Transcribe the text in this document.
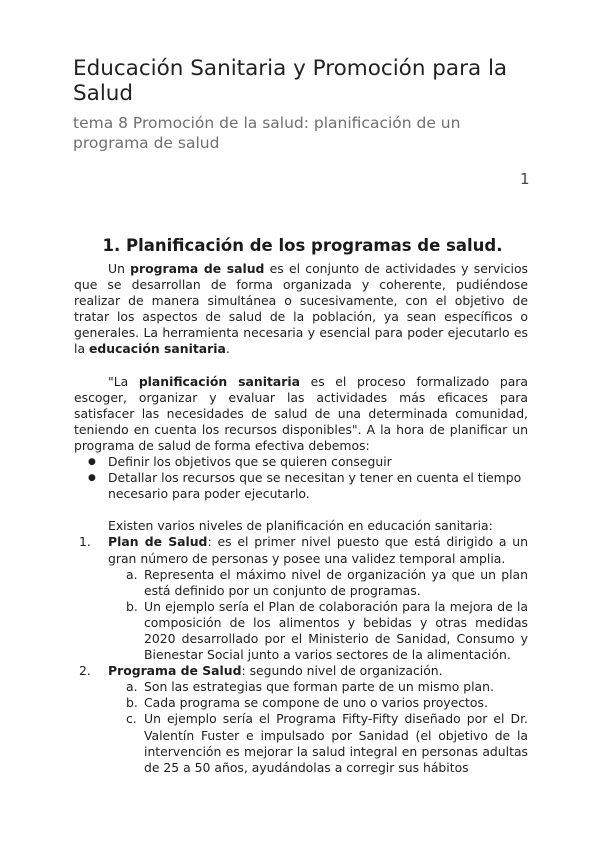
Educación Sanitaria y Promoción para la Salud
tema 8 Promoción de la salud: planificación de un programa de salud
1
1. Planificación de los programas de salud.

Un programa de salud es el conjunto de actividades y servicios que se desarrollan de forma organizada y coherente, pudiéndose realizar de manera simultánea o sucesivamente, con el objetivo de tratar los aspectos de salud de la población, ya sean específicos o generales. La herramienta necesaria y esencial para poder ejecutarlo es la educación sanitaria.

"La planificación sanitaria es el proceso formalizado para escoger, organizar y evaluar las actividades más eficaces para satisfacer las necesidades de salud de una determinada comunidad, teniendo en cuenta los recursos disponibles". A la hora de planificar un programa de salud de forma efectiva debemos:

● Definir los objetivos que se quieren conseguir
● Detallar los recursos que se necesitan y tener en cuenta el tiempo necesario para poder ejecutarlo.

Existen varios niveles de planificación en educación sanitaria:

1. Plan de Salud: es el primer nivel puesto que está dirigido a un gran número de personas y posee una validez temporal amplia.
a. Representa el máximo nivel de organización ya que un plan está definido por un conjunto de programas.
b. Un ejemplo sería el Plan de colaboración para la mejora de la composición de los alimentos y bebidas y otras medidas 2020 desarrollado por el Ministerio de Sanidad, Consumo y Bienestar Social junto a varios sectores de la alimentación.
2. Programa de Salud: segundo nivel de organización.
a. Son las estrategias que forman parte de un mismo plan.
b. Cada programa se compone de uno o varios proyectos.
c. Un ejemplo sería el Programa Fifty-Fifty diseñado por el Dr. Valentín Fuster e impulsado por Sanidad (el objetivo de la intervención es mejorar la salud integral en personas adultas de 25 a 50 años, ayudándolas a corregir sus hábitos
